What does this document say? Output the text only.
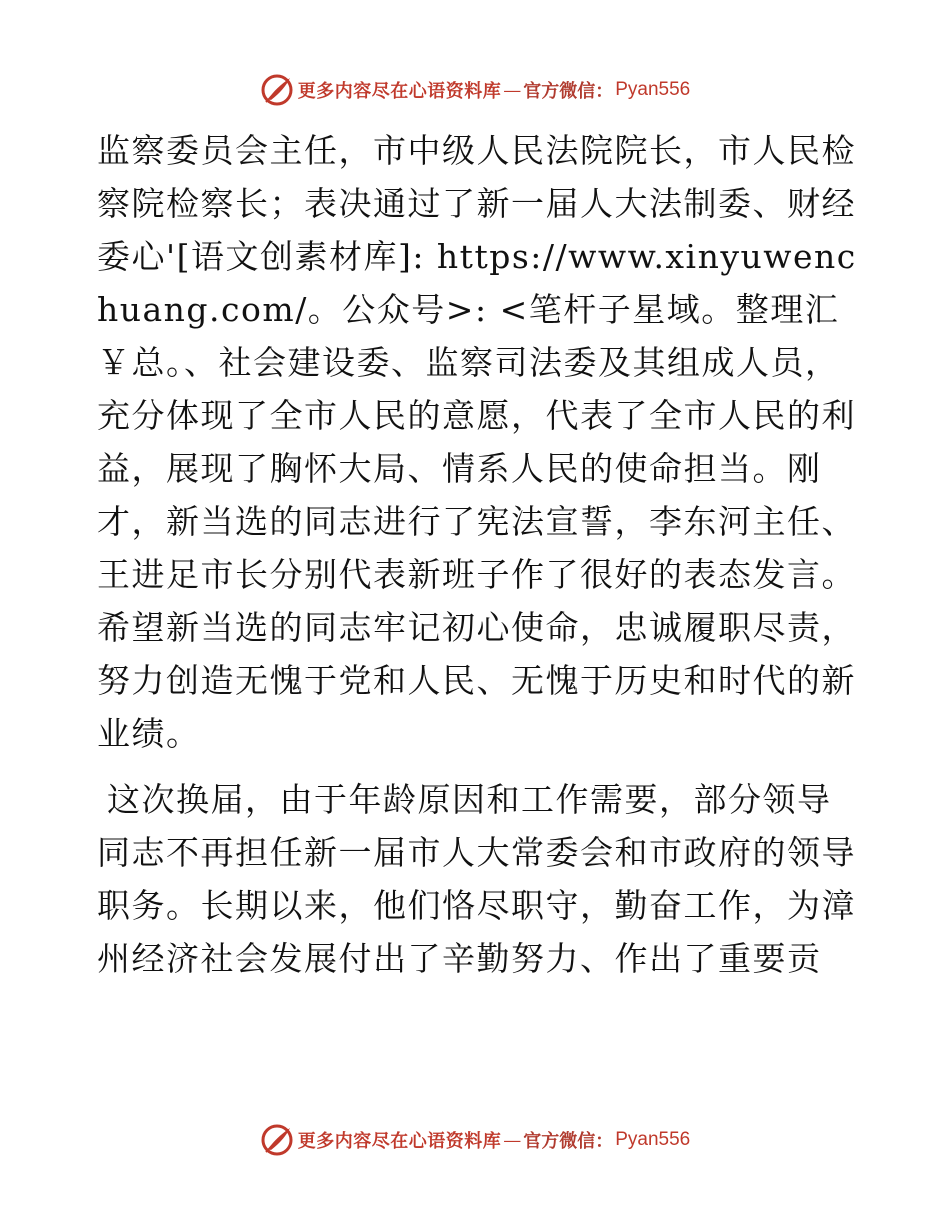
更多内容尽在心语资料库 — 官方微信： Pyan556

监察委员会主任，市中级人民法院院长，市人民检察院检察长；表决通过了新一届人大法制委、财经委心'[语文创素材库]: https://www.xinyuwenchuang.com/。公众号>: <笔杆子星域。整理汇￥总。、社会建设委、监察司法委及其组成人员，充分体现了全市人民的意愿，代表了全市人民的利益，展现了胸怀大局、情系人民的使命担当。刚才，新当选的同志进行了宪法宣誓，李东河主任、王进足市长分别代表新班子作了很好的表态发言。希望新当选的同志牢记初心使命，忠诚履职尽责，努力创造无愧于党和人民、无愧于历史和时代的新业绩。

这次换届，由于年龄原因和工作需要，部分领导同志不再担任新一届市人大常委会和市政府的领导职务。长期以来，他们恪尽职守，勤奋工作，为漳州经济社会发展付出了辛勤努力、作出了重要贡

更多内容尽在心语资料库 — 官方微信： Pyan556
